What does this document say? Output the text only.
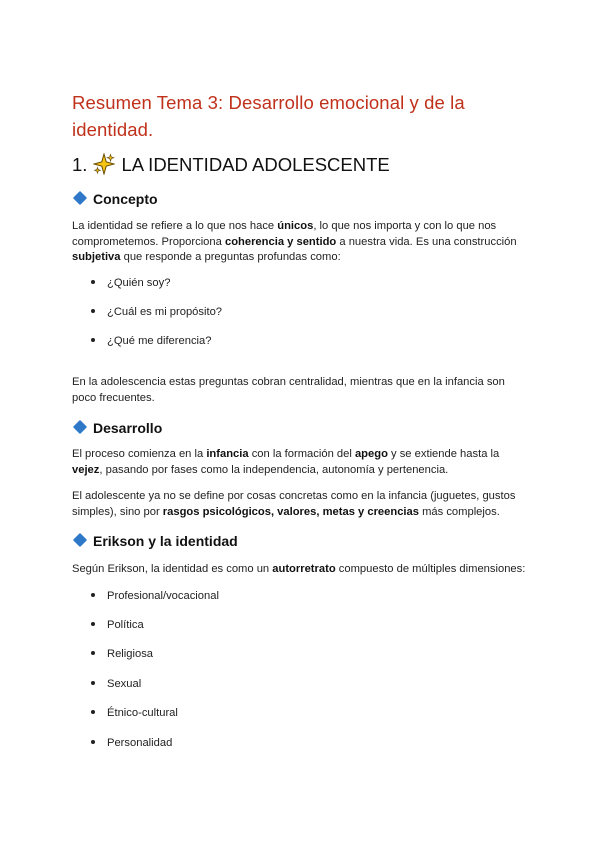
Resumen Tema 3: Desarrollo emocional y de la identidad.
1. LA IDENTIDAD ADOLESCENTE
Concepto
La identidad se refiere a lo que nos hace únicos, lo que nos importa y con lo que nos comprometemos. Proporciona coherencia y sentido a nuestra vida. Es una construcción subjetiva que responde a preguntas profundas como:
¿Quién soy?
¿Cuál es mi propósito?
¿Qué me diferencia?
En la adolescencia estas preguntas cobran centralidad, mientras que en la infancia son poco frecuentes.
Desarrollo
El proceso comienza en la infancia con la formación del apego y se extiende hasta la vejez, pasando por fases como la independencia, autonomía y pertenencia.
El adolescente ya no se define por cosas concretas como en la infancia (juguetes, gustos simples), sino por rasgos psicológicos, valores, metas y creencias más complejos.
Erikson y la identidad
Según Erikson, la identidad es como un autorretrato compuesto de múltiples dimensiones:
Profesional/vocacional
Política
Religiosa
Sexual
Étnico-cultural
Personalidad
